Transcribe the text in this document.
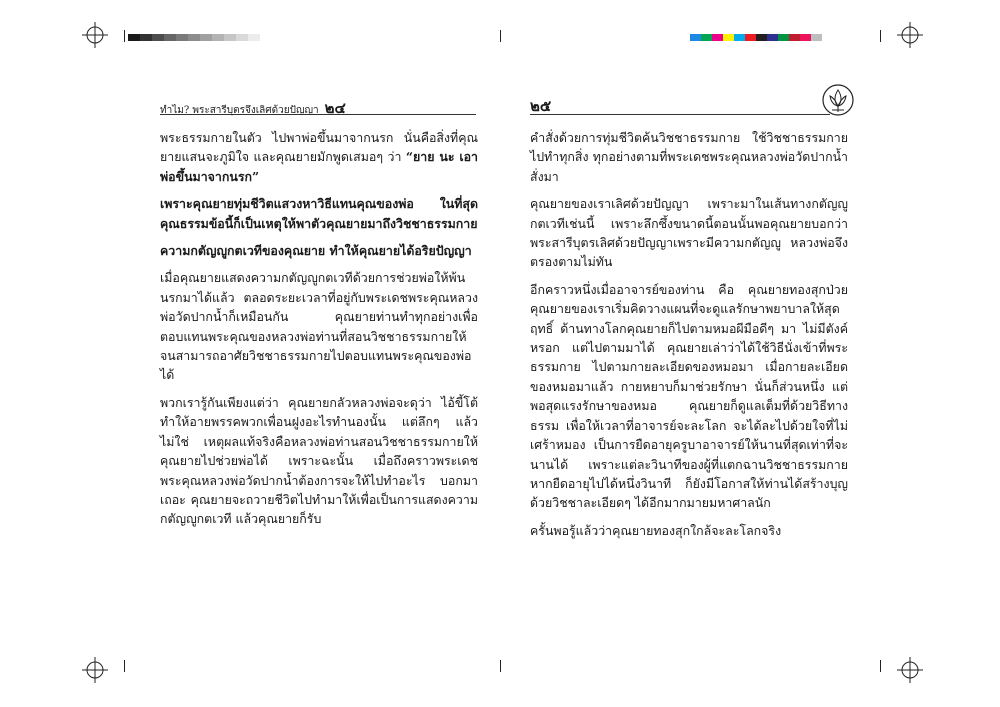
ทำไม? พระสารีบุตรจึงเลิศด้วยปัญญา ๒๔	๒๕

พระธรรมกายในตัว ไปพาพ่อขึ้นมาจากนรก นั่นคือสิ่งที่คุณยายแสนจะภูมิใจ และคุณยายมักพูดเสมอๆ ว่า “ยาย นะ เอาพ่อขึ้นมาจากนรก”

เพราะคุณยายทุ่มชีวิตแสวงหาวิธีแทนคุณของพ่อ ในที่สุดคุณธรรมข้อนี้ก็เป็นเหตุให้พาตัวคุณยายมาถึงวิชชาธรรมกาย

ความกตัญญูกตเวทีของคุณยาย ทำให้คุณยายได้อริยปัญญา

เมื่อคุณยายแสดงความกตัญญูกตเวทีด้วยการช่วยพ่อให้พ้นนรกมาได้แล้ว ตลอดระยะเวลาที่อยู่กับพระเดชพระคุณหลวงพ่อวัดปากน้ำก็เหมือนกัน คุณยายท่านทำทุกอย่างเพื่อตอบแทนพระคุณของหลวงพ่อท่านที่สอนวิชชาธรรมกายให้ จนสามารถอาศัยวิชชาธรรมกายไปตอบแทนพระคุณของพ่อได้

พวกเรารู้กันเพียงแต่ว่า คุณยายกลัวหลวงพ่อจะดุว่า ไอ้ขี้โต้ ทำให้อายพรรคพวกเพื่อนฝูงอะไรทำนองนั้น แต่ลึกๆ แล้ว ไม่ใช่ เหตุผลแท้จริงคือหลวงพ่อท่านสอนวิชชาธรรมกายให้คุณยายไปช่วยพ่อได้ เพราะฉะนั้น เมื่อถึงคราวพระเดชพระคุณหลวงพ่อวัดปากน้ำต้องการจะให้ไปทำอะไร บอกมาเถอะ คุณยายจะถวายชีวิตไปทำมาให้เพื่อเป็นการแสดงความกตัญญูกตเวที แล้วคุณยายก็รับ

คำสั่งด้วยการทุ่มชีวิตค้นวิชชาธรรมกาย ใช้วิชชาธรรมกายไปทำทุกสิ่ง ทุกอย่างตามที่พระเดชพระคุณหลวงพ่อวัดปากน้ำสั่งมา

คุณยายของเราเลิศด้วยปัญญา เพราะมาในเส้นทางกตัญญูกตเวทีเช่นนี้ เพราะลึกซึ้งขนาดนี้ตอนนั้นพอคุณยายบอกว่า พระสารีบุตรเลิศด้วยปัญญาเพราะมีความกตัญญู หลวงพ่อจึงตรองตามไม่ทัน

อีกคราวหนึ่งเมื่ออาจารย์ของท่าน คือ คุณยายทองสุกป่วย คุณยายของเราเริ่มคิดวางแผนที่จะดูแลรักษาพยาบาลให้สุดฤทธิ์ ด้านทางโลกคุณยายก็ไปตามหมอผีมือดีๆ มา ไม่มีตังค์หรอก แต่ไปตามมาได้ คุณยายเล่าว่าได้ใช้วิธีนั่งเข้าที่พระธรรมกาย ไปตามกายละเอียดของหมอมา เมื่อกายละเอียดของหมอมาแล้ว กายหยาบก็มาช่วยรักษา นั่นก็ส่วนหนึ่ง แต่พอสุดแรงรักษาของหมอ คุณยายก็ดูแลเต็มที่ด้วยวิธีทางธรรม เพื่อให้เวลาที่อาจารย์จะละโลก จะได้ละไปด้วยใจที่ไม่เศร้าหมอง เป็นการยืดอายุครูบาอาจารย์ให้นานที่สุดเท่าที่จะนานได้ เพราะแต่ละวินาทีของผู้ที่แตกฉานวิชชาธรรมกาย หากยืดอายุไปได้หนึ่งวินาที ก็ยังมีโอกาสให้ท่านได้สร้างบุญด้วยวิชชาละเอียดๆ ได้อีกมากมายมหาศาลนัก

ครั้นพอรู้แล้วว่าคุณยายทองสุกใกล้จะละโลกจริง
